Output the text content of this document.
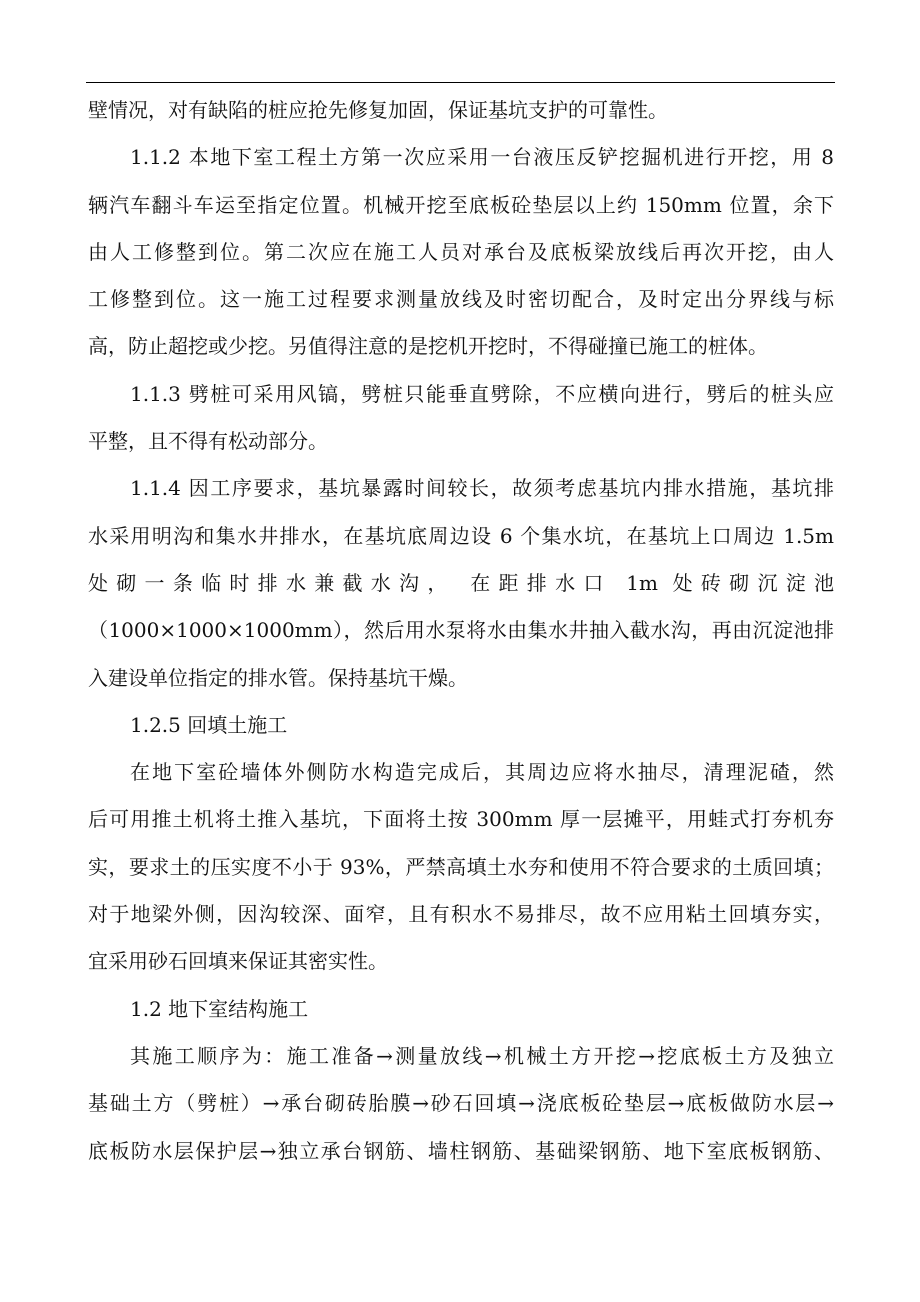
壁情况，对有缺陷的桩应抢先修复加固，保证基坑支护的可靠性。
1.1.2 本地下室工程土方第一次应采用一台液压反铲挖掘机进行开挖，用 8
辆汽车翻斗车运至指定位置。机械开挖至底板砼垫层以上约 150mm 位置，余下
由人工修整到位。第二次应在施工人员对承台及底板梁放线后再次开挖，由人
工修整到位。这一施工过程要求测量放线及时密切配合，及时定出分界线与标
高，防止超挖或少挖。另值得注意的是挖机开挖时，不得碰撞已施工的桩体。
1.1.3 劈桩可采用风镐，劈桩只能垂直劈除，不应横向进行，劈后的桩头应
平整，且不得有松动部分。
1.1.4 因工序要求，基坑暴露时间较长，故须考虑基坑内排水措施，基坑排
水采用明沟和集水井排水，在基坑底周边设 6 个集水坑，在基坑上口周边 1.5m
处砌一条临时排水兼截水沟， 在距排水口 1m 处砖砌沉淀池
（1000×1000×1000mm），然后用水泵将水由集水井抽入截水沟，再由沉淀池排
入建设单位指定的排水管。保持基坑干燥。
1.2.5 回填土施工
在地下室砼墙体外侧防水构造完成后，其周边应将水抽尽，清理泥碴，然
后可用推土机将土推入基坑，下面将土按 300mm 厚一层摊平，用蛙式打夯机夯
实，要求土的压实度不小于 93%，严禁高填土水夯和使用不符合要求的土质回填；
对于地梁外侧，因沟较深、面窄，且有积水不易排尽，故不应用粘土回填夯实，
宜采用砂石回填来保证其密实性。
1.2 地下室结构施工
其施工顺序为：施工准备→测量放线→机械土方开挖→挖底板土方及独立
基础土方（劈桩）→承台砌砖胎膜→砂石回填→浇底板砼垫层→底板做防水层→
底板防水层保护层→独立承台钢筋、墙柱钢筋、基础梁钢筋、地下室底板钢筋、
